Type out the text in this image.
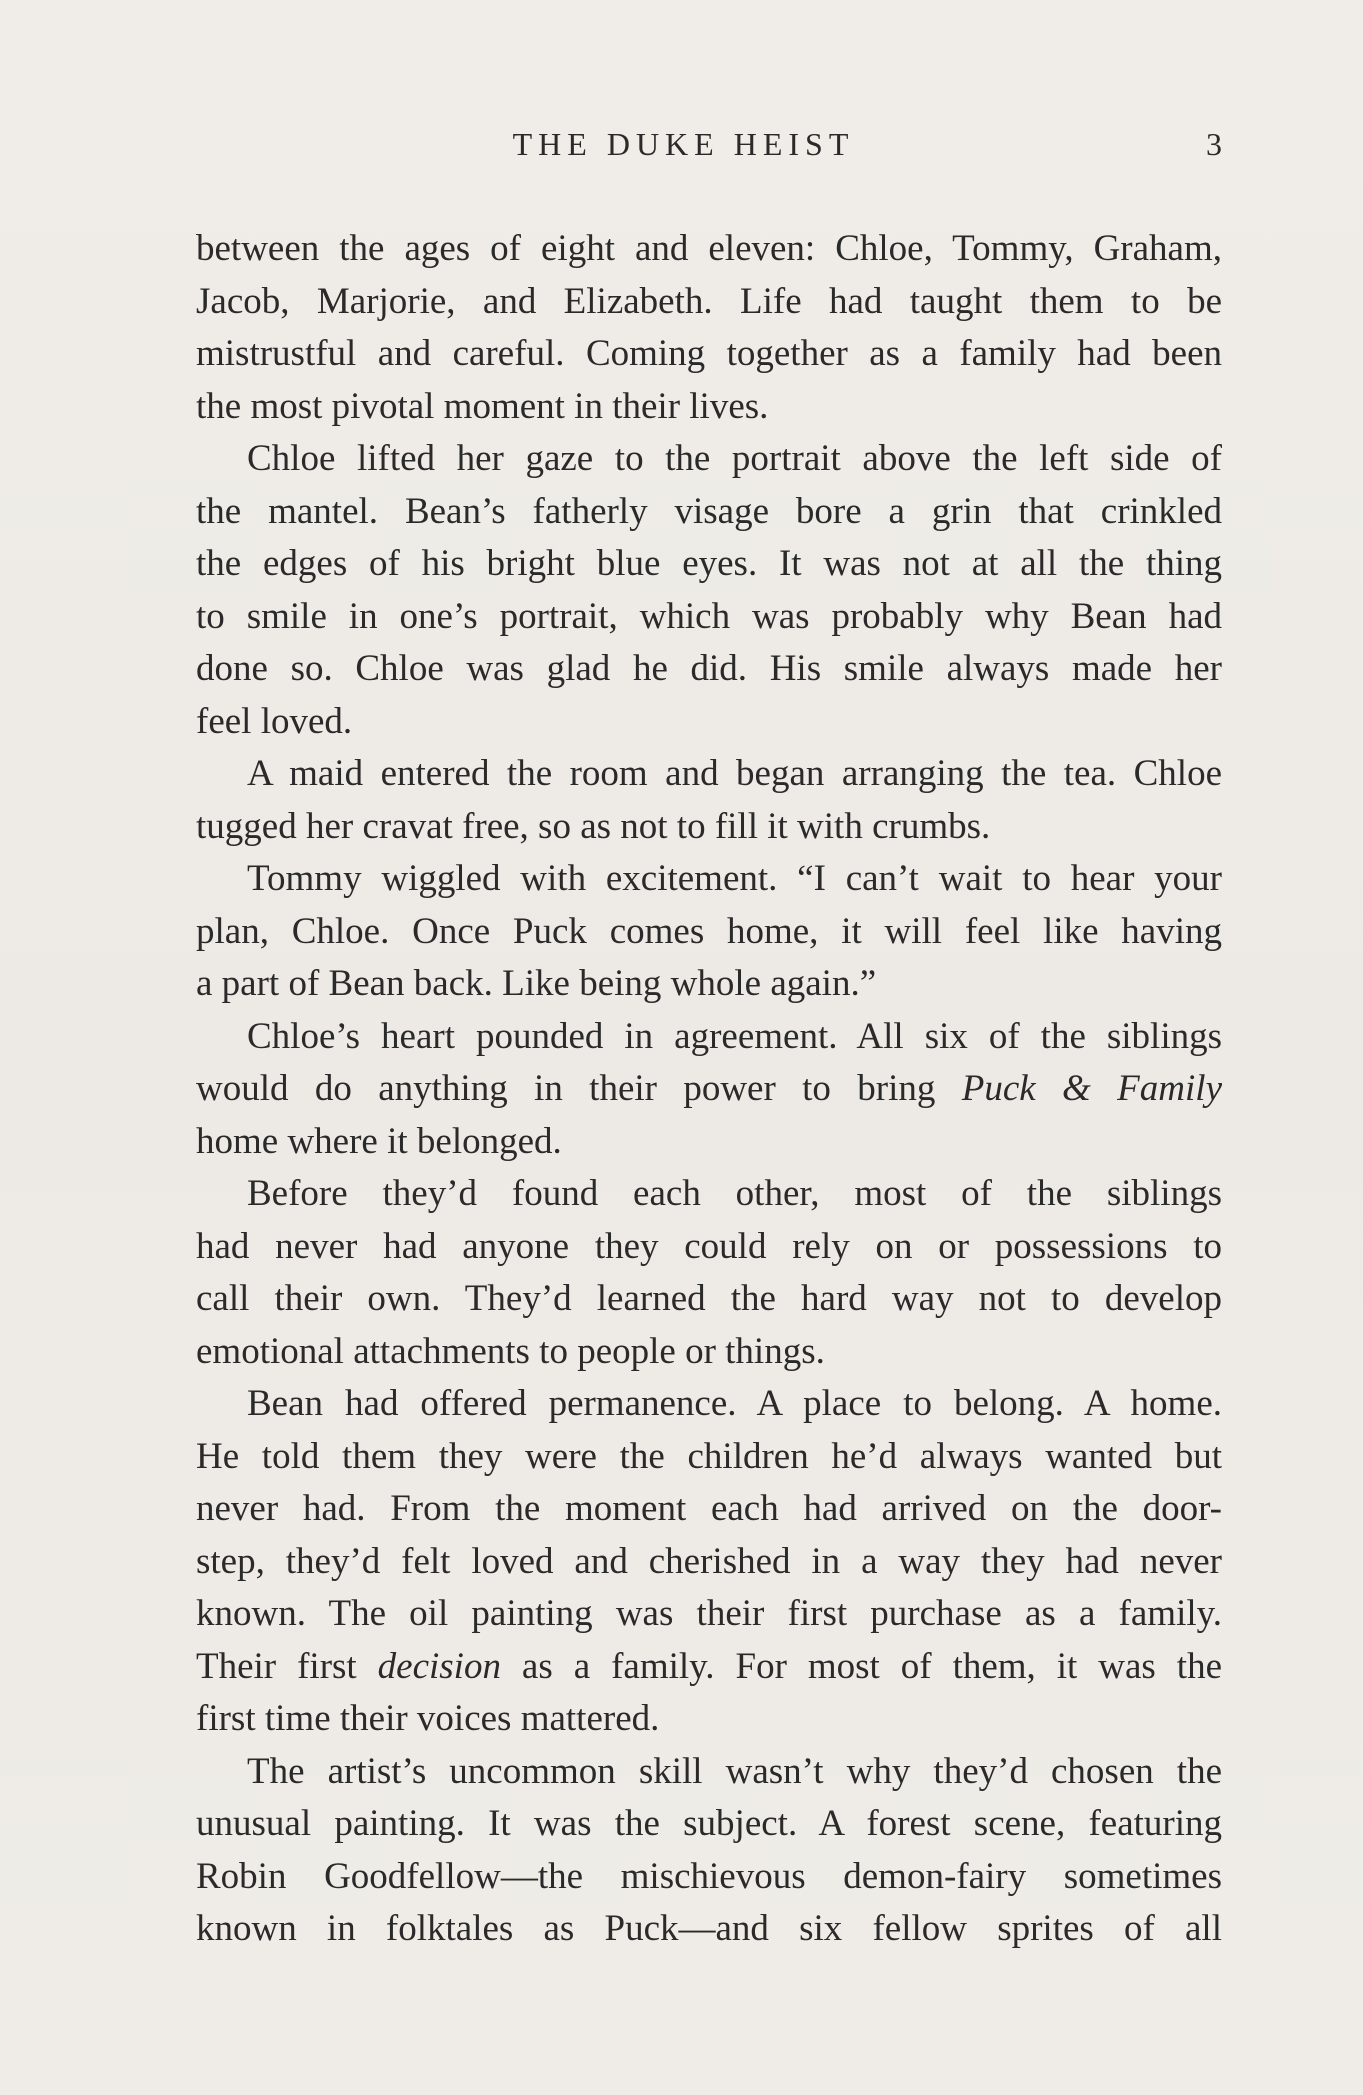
THE DUKE HEIST	3
between the ages of eight and eleven: Chloe, Tommy, Graham,
Jacob, Marjorie, and Elizabeth. Life had taught them to be
mistrustful and careful. Coming together as a family had been
the most pivotal moment in their lives.
Chloe lifted her gaze to the portrait above the left side of
the mantel. Bean’s fatherly visage bore a grin that crinkled
the edges of his bright blue eyes. It was not at all the thing
to smile in one’s portrait, which was probably why Bean had
done so. Chloe was glad he did. His smile always made her
feel loved.
A maid entered the room and began arranging the tea. Chloe
tugged her cravat free, so as not to fill it with crumbs.
Tommy wiggled with excitement. “I can’t wait to hear your
plan, Chloe. Once Puck comes home, it will feel like having
a part of Bean back. Like being whole again.”
Chloe’s heart pounded in agreement. All six of the siblings
would do anything in their power to bring Puck & Family
home where it belonged.
Before they’d found each other, most of the siblings
had never had anyone they could rely on or possessions to
call their own. They’d learned the hard way not to develop
emotional attachments to people or things.
Bean had offered permanence. A place to belong. A home.
He told them they were the children he’d always wanted but
never had. From the moment each had arrived on the door-
step, they’d felt loved and cherished in a way they had never
known. The oil painting was their first purchase as a family.
Their first decision as a family. For most of them, it was the
first time their voices mattered.
The artist’s uncommon skill wasn’t why they’d chosen the
unusual painting. It was the subject. A forest scene, featuring
Robin Goodfellow—the mischievous demon-fairy sometimes
known in folktales as Puck—and six fellow sprites of all
